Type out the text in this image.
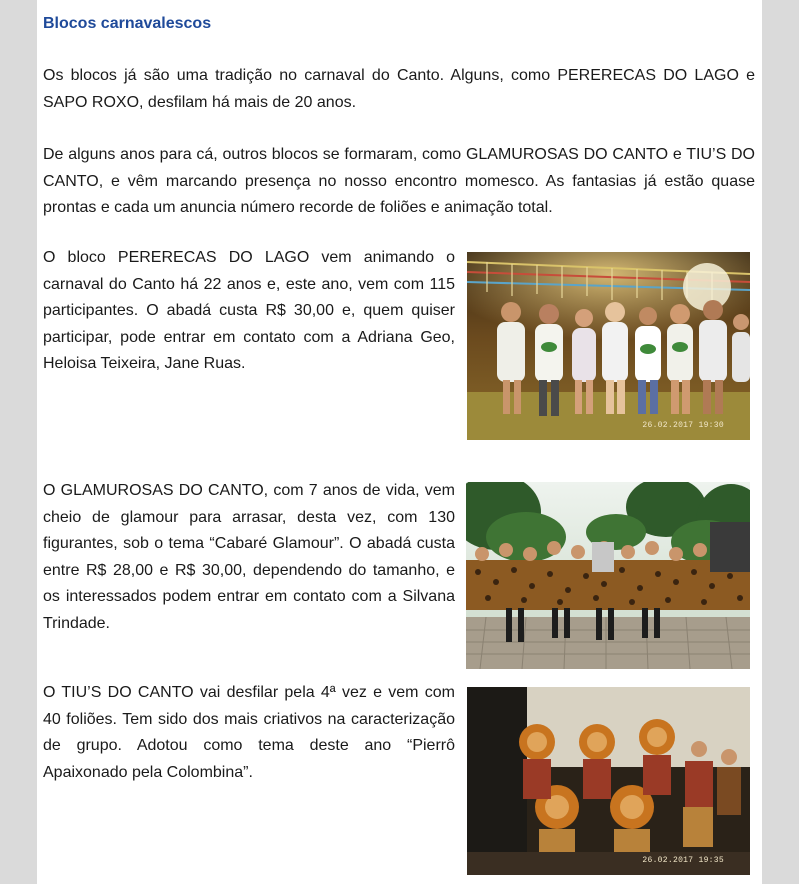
Blocos carnavalescos

Os blocos já são uma tradição no carnaval do Canto. Alguns, como PERERECAS DO LAGO e SAPO ROXO, desfilam há mais de 20 anos.

De alguns anos para cá, outros blocos se formaram, como GLAMUROSAS DO CANTO e TIU’S DO CANTO, e vêm marcando presença no nosso encontro momesco. As fantasias já estão quase prontas e cada um anuncia número recorde de foliões e animação total.

O bloco PERERECAS DO LAGO vem animando o carnaval do Canto há 22 anos e, este ano, vem com 115 participantes. O abadá custa R$ 30,00 e, quem quiser participar, pode entrar em contato com a Adriana Geo, Heloisa Teixeira, Jane Ruas.

O GLAMUROSAS DO CANTO, com 7 anos de vida, vem cheio de glamour para arrasar, desta vez, com 130 figurantes, sob o tema “Cabaré Glamour”. O abadá custa entre R$ 28,00 e R$ 30,00, dependendo do tamanho, e os interessados podem entrar em contato com a Silvana Trindade.

O TIU’S DO CANTO vai desfilar pela 4ª vez e vem com 40 foliões. Tem sido dos mais criativos na caracterização de grupo. Adotou como tema deste ano “Pierrô Apaixonado pela Colombina”.

26.02.2017 19:30
26.02.2017 19:35
